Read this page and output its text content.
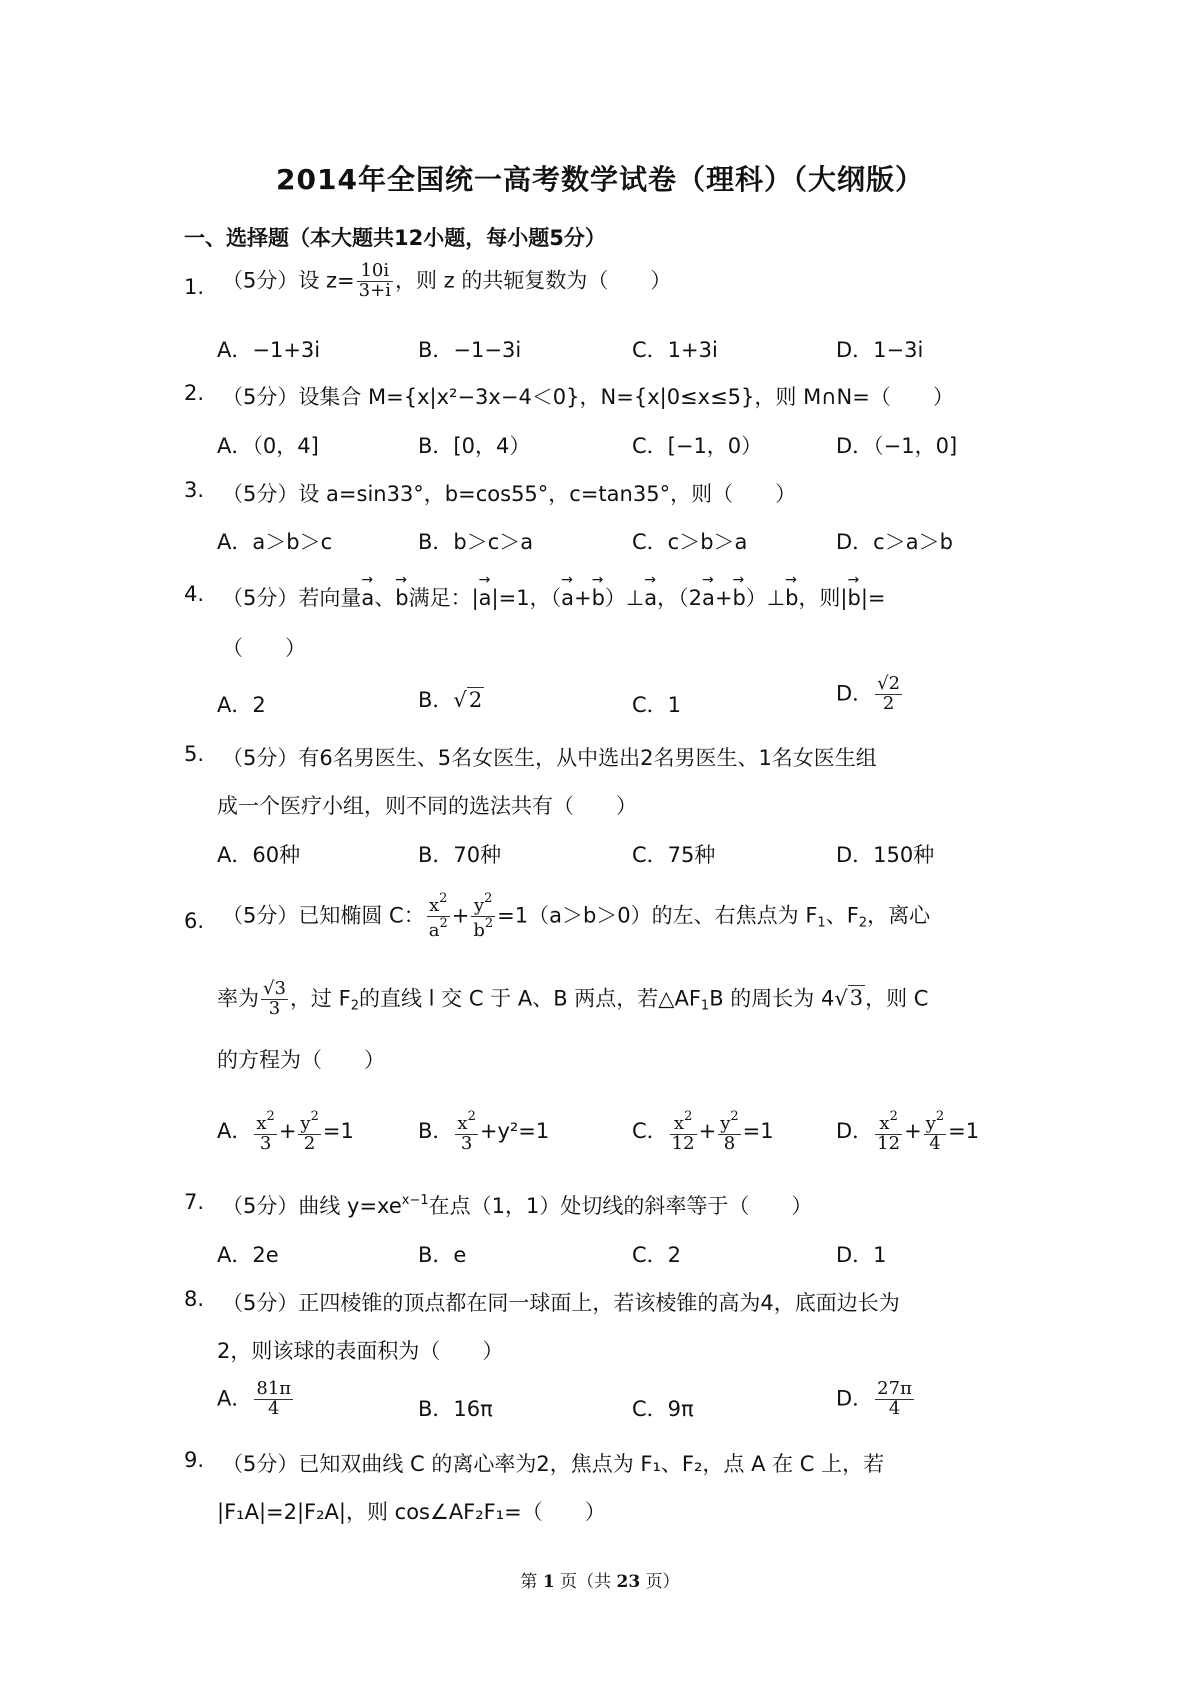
2014年全国统一高考数学试卷（理科）（大纲版）
一、选择题（本大题共12小题，每小题5分）
1. （5分）设 $z= \frac{10i}{3+i}$ ，则 z 的共轭复数为（　　）
A．−1+3i	B．−1−3i	C．1+3i	D．1−3i
2. （5分）设集合 M={x|x²−3x−4＜0}，N={x|0≤x≤5}，则 M∩N=（　　）
A．（0，4]	B．[0，4）	C．[−1，0）	D．（−1，0]
3. （5分）设 a=sin33°，b=cos55°，c=tan35°，则（　　）
A．a＞b＞c	B．b＞c＞a	C．c＞b＞a	D．c＞a＞b
4. （5分）若向量→ a、→ b满足：|→ a|=1，（→ a+→ b）⊥→ a，（2→ a+→ b）⊥→ b，则|→ b|=
（　　）
A．2	B．√2	C．1	D． $\frac{√2}{2}$
5. （5分）有6名男医生、5名女医生，从中选出2名男医生、1名女医生组
成一个医疗小组，则不同的选法共有（　　）
A．60种	B．70种	C．75种	D．150种
6. （5分）已知椭圆 C： $\frac{x^2}{a^2} + \frac{y^2}{b^2} =1(a>b>0)$的左、右焦点为 $F_1$、$F_2$，离心
率为 $\frac{√3}{3}$ ，过 $F_2$的直线 l 交 C 于 A、B 两点，若$\triangle AF_1B$ 的周长为 4√3，则 C
的方程为（　　）
A． $\frac{x^2}{3} + \frac{y^2}{2} =1$	B． $\frac{x^2}{3} +y^2=1$	C． $\frac{x^2}{12} + \frac{y^2}{8} =1$	D． $\frac{x^2}{12} + \frac{y^2}{4} =1$
7. （5分）曲线 $y=xe^{x-1}$在点（1，1）处切线的斜率等于（　　）
A．2e	B．e	C．2	D．1
8. （5分）正四棱锥的顶点都在同一球面上，若该棱锥的高为4，底面边长为
2，则该球的表面积为（　　）
A． $\frac{81\pi}{4}$	B．16π	C．9π	D． $\frac{27\pi}{4}$
9. （5分）已知双曲线 C 的离心率为2，焦点为 F₁、F₂，点 A 在 C 上，若
|F₁A|=2|F₂A|，则 cos∠AF₂F₁=（　　）
第 1 页（共 23 页）
